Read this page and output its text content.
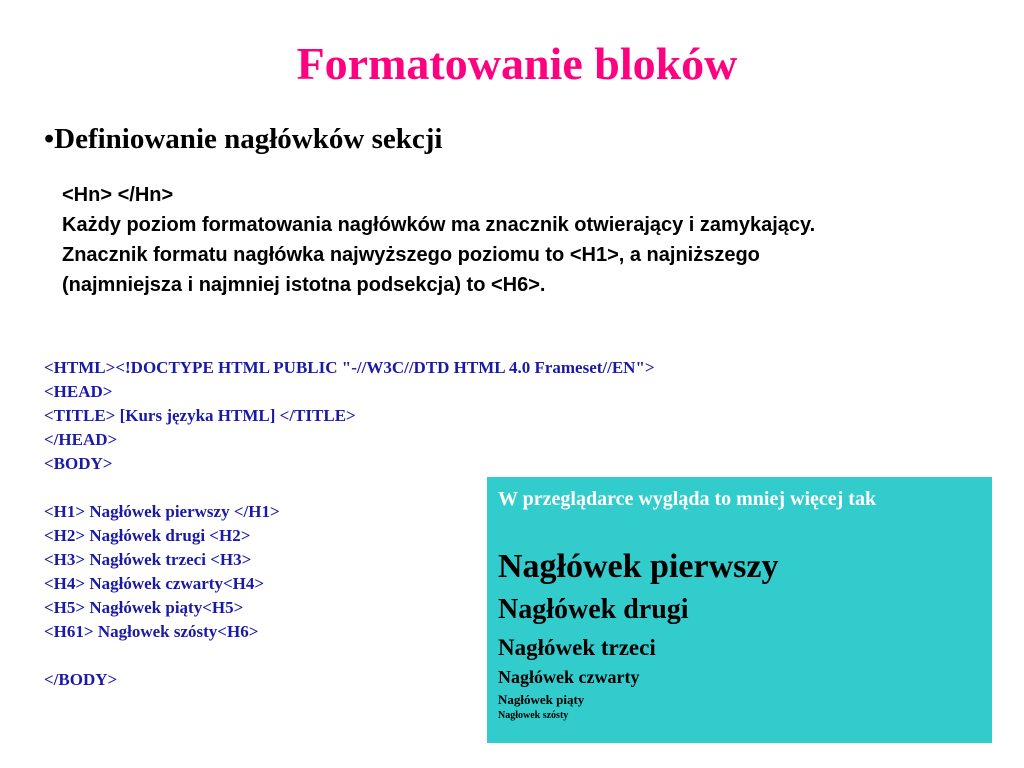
Formatowanie bloków
•Definiowanie nagłówków sekcji
<Hn> </Hn>
Każdy poziom formatowania nagłówków ma znacznik otwierający i zamykający.
Znacznik formatu nagłówka najwyższego poziomu to <H1>, a najniższego
(najmniejsza i najmniej istotna podsekcja) to <H6>.
<HTML><!DOCTYPE HTML PUBLIC "-//W3C//DTD HTML 4.0 Frameset//EN">
<HEAD>
<TITLE> [Kurs języka HTML] </TITLE>
</HEAD>
<BODY>
<H1> Nagłówek pierwszy </H1>
<H2> Nagłówek drugi <H2>
<H3> Nagłówek trzeci <H3>
<H4> Nagłówek czwarty<H4>
<H5> Nagłówek piąty<H5>
<H61> Nagłowek szósty<H6>
</BODY>
W przeglądarce wygląda to mniej więcej tak
Nagłówek pierwszy
Nagłówek drugi
Nagłówek trzeci
Nagłówek czwarty
Nagłówek piąty
Nagłowek szósty
